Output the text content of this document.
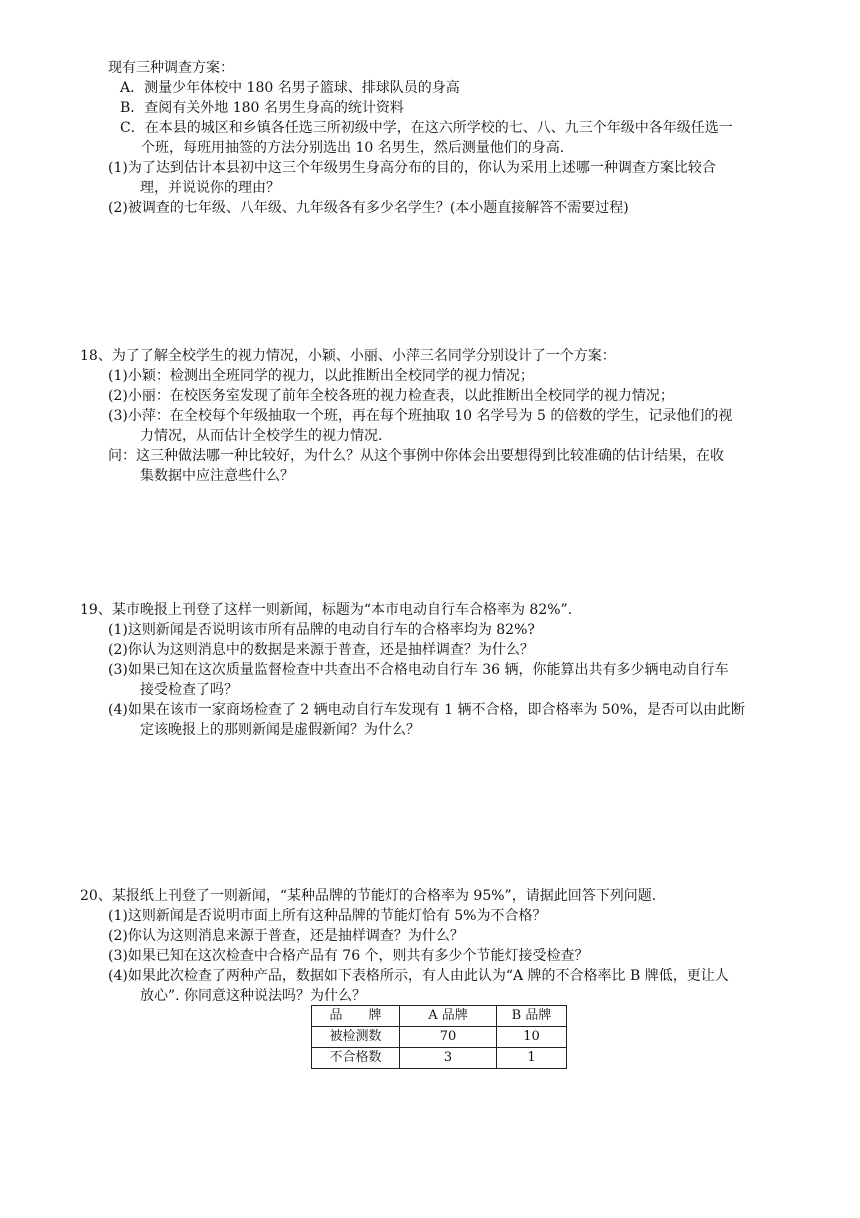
现有三种调查方案：
A．测量少年体校中 180 名男子篮球、排球队员的身高
B．查阅有关外地 180 名男生身高的统计资料
C．在本县的城区和乡镇各任选三所初级中学，在这六所学校的七、八、九三个年级中各年级任选一
个班，每班用抽签的方法分别选出 10 名男生，然后测量他们的身高.
(1)为了达到估计本县初中这三个年级男生身高分布的目的，你认为采用上述哪一种调查方案比较合
理，并说说你的理由？
(2)被调查的七年级、八年级、九年级各有多少名学生？(本小题直接解答不需要过程)
18、为了了解全校学生的视力情况，小颖、小丽、小萍三名同学分别设计了一个方案：
(1)小颖：检测出全班同学的视力，以此推断出全校同学的视力情况；
(2)小丽：在校医务室发现了前年全校各班的视力检查表，以此推断出全校同学的视力情况；
(3)小萍：在全校每个年级抽取一个班，再在每个班抽取 10 名学号为 5 的倍数的学生，记录他们的视
力情况，从而估计全校学生的视力情况.
问：这三种做法哪一种比较好，为什么？从这个事例中你体会出要想得到比较准确的估计结果，在收
集数据中应注意些什么？
19、某市晚报上刊登了这样一则新闻，标题为“本市电动自行车合格率为 82%”.
(1)这则新闻是否说明该市所有品牌的电动自行车的合格率均为 82%?
(2)你认为这则消息中的数据是来源于普查，还是抽样调查？为什么？
(3)如果已知在这次质量监督检查中共查出不合格电动自行车 36 辆，你能算出共有多少辆电动自行车
接受检查了吗？
(4)如果在该市一家商场检查了 2 辆电动自行车发现有 1 辆不合格，即合格率为 50%，是否可以由此断
定该晚报上的那则新闻是虚假新闻？为什么？
20、某报纸上刊登了一则新闻，“某种品牌的节能灯的合格率为 95%”，请据此回答下列问题.
(1)这则新闻是否说明市面上所有这种品牌的节能灯恰有 5%为不合格？
(2)你认为这则消息来源于普查，还是抽样调查？为什么？
(3)如果已知在这次检查中合格产品有 76 个，则共有多少个节能灯接受检查？
(4)如果此次检查了两种产品，数据如下表格所示，有人由此认为“A 牌的不合格率比 B 牌低，更让人
放心”. 你同意这种说法吗？为什么？
品　　牌	A 品牌	B 品牌
被检测数	70	10
不合格数	3	1
